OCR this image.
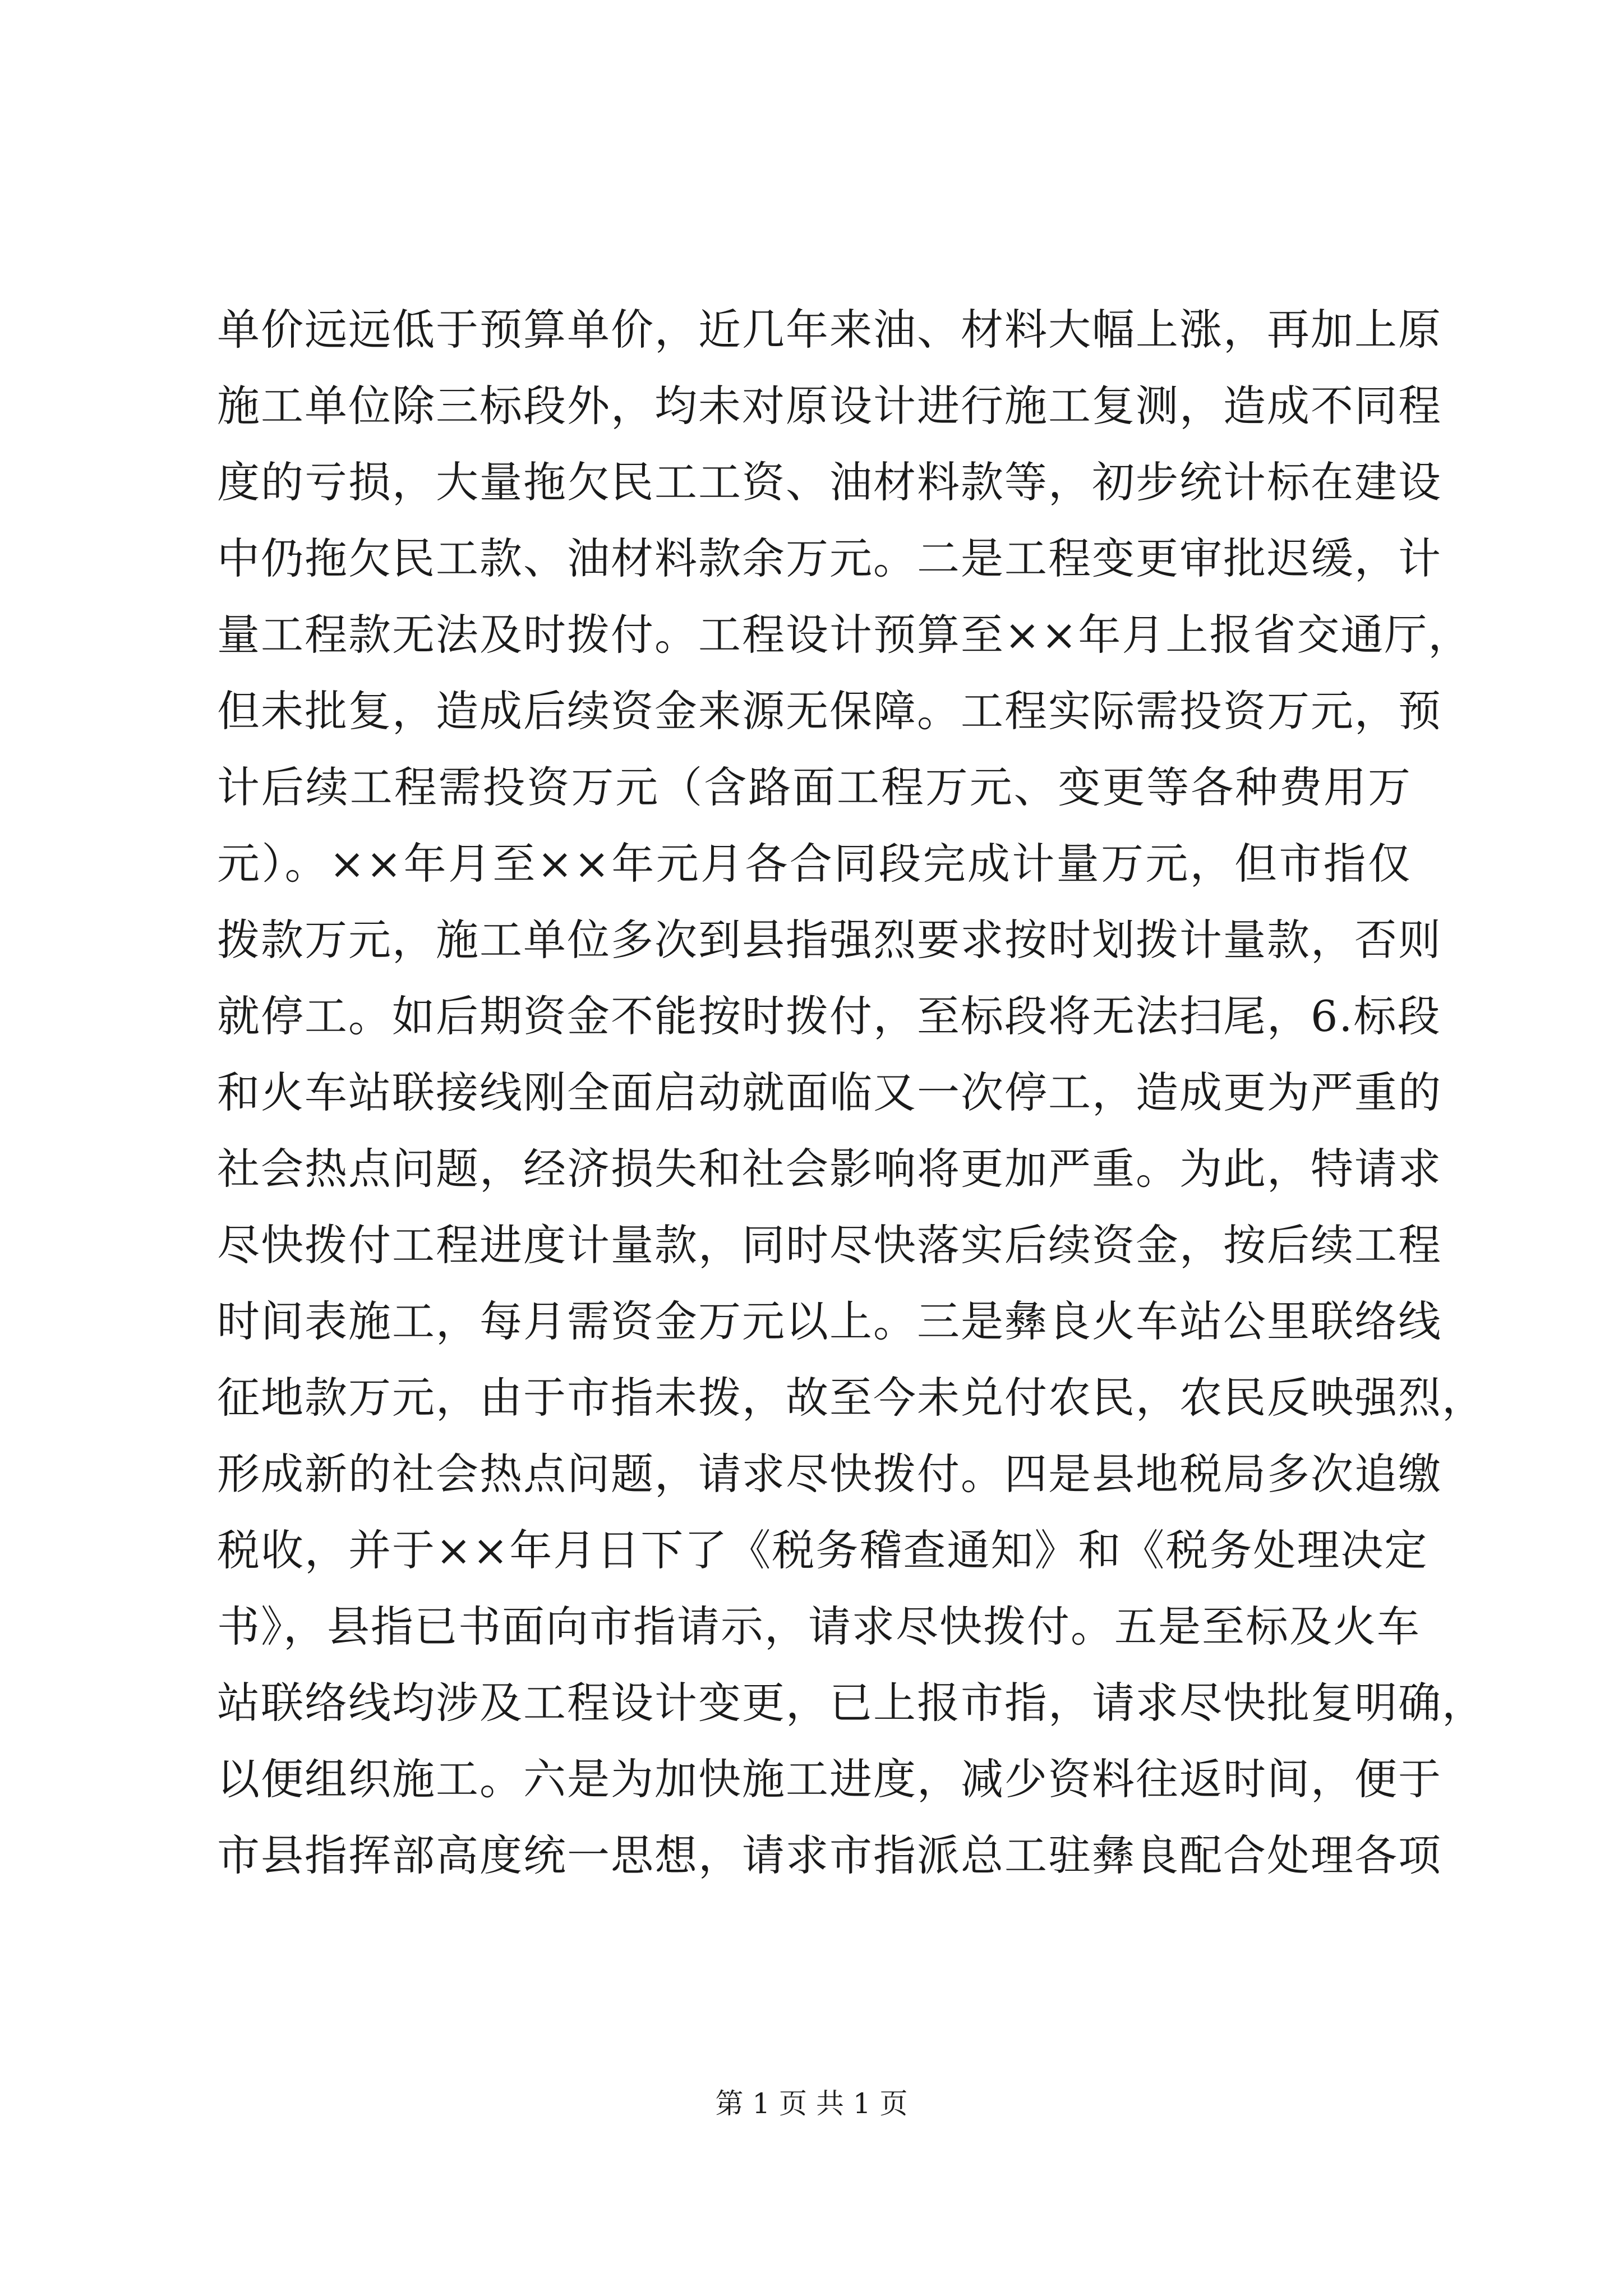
单价远远低于预算单价，近几年来油、材料大幅上涨，再加上原
施工单位除三标段外，均未对原设计进行施工复测，造成不同程
度的亏损，大量拖欠民工工资、油材料款等，初步统计标在建设
中仍拖欠民工款、油材料款余万元。二是工程变更审批迟缓，计
量工程款无法及时拨付。工程设计预算至××年月上报省交通厅，
但未批复，造成后续资金来源无保障。工程实际需投资万元，预
计后续工程需投资万元（含路面工程万元、变更等各种费用万
元）。××年月至××年元月各合同段完成计量万元，但市指仅
拨款万元，施工单位多次到县指强烈要求按时划拨计量款，否则
就停工。如后期资金不能按时拨付，至标段将无法扫尾，6.标段
和火车站联接线刚全面启动就面临又一次停工，造成更为严重的
社会热点问题，经济损失和社会影响将更加严重。为此，特请求
尽快拨付工程进度计量款，同时尽快落实后续资金，按后续工程
时间表施工，每月需资金万元以上。三是彝良火车站公里联络线
征地款万元，由于市指未拨，故至今未兑付农民，农民反映强烈，
形成新的社会热点问题，请求尽快拨付。四是县地税局多次追缴
税收，并于××年月日下了《税务稽查通知》和《税务处理决定
书》，县指已书面向市指请示，请求尽快拨付。五是至标及火车
站联络线均涉及工程设计变更，已上报市指，请求尽快批复明确，
以便组织施工。六是为加快施工进度，减少资料往返时间，便于
市县指挥部高度统一思想，请求市指派总工驻彝良配合处理各项
第 1 页 共 1 页
